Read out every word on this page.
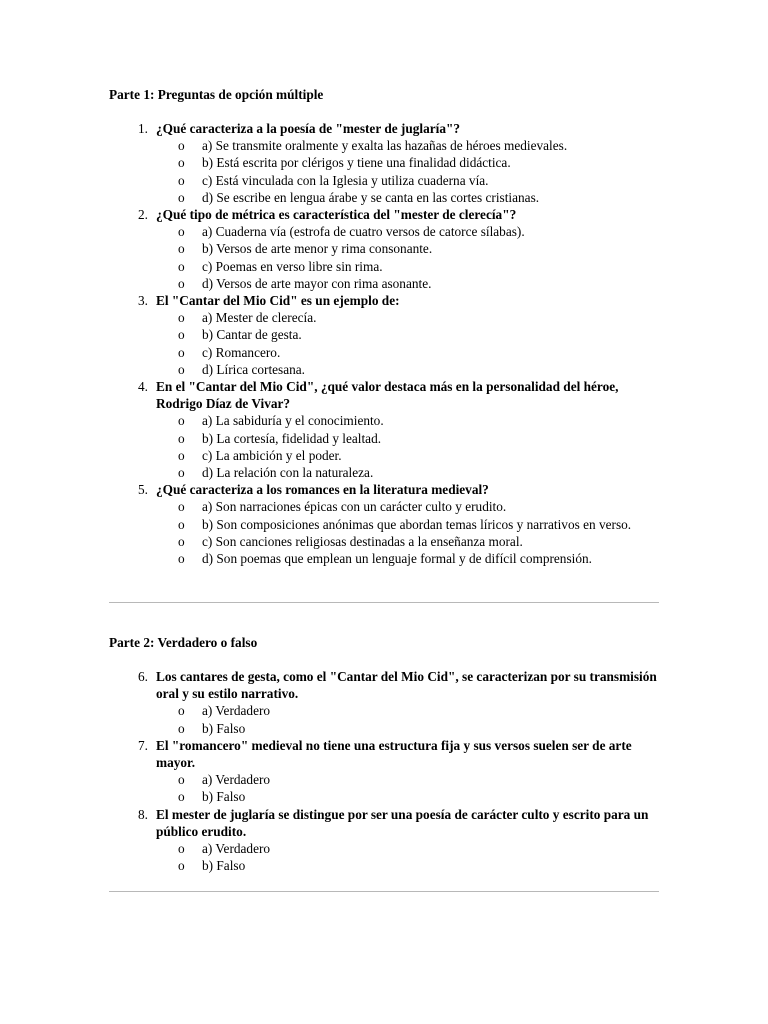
Parte 1: Preguntas de opción múltiple

1. ¿Qué caracteriza a la poesía de "mester de juglaría"?
o a) Se transmite oralmente y exalta las hazañas de héroes medievales.
o b) Está escrita por clérigos y tiene una finalidad didáctica.
o c) Está vinculada con la Iglesia y utiliza cuaderna vía.
o d) Se escribe en lengua árabe y se canta en las cortes cristianas.
2. ¿Qué tipo de métrica es característica del "mester de clerecía"?
o a) Cuaderna vía (estrofa de cuatro versos de catorce sílabas).
o b) Versos de arte menor y rima consonante.
o c) Poemas en verso libre sin rima.
o d) Versos de arte mayor con rima asonante.
3. El "Cantar del Mio Cid" es un ejemplo de:
o a) Mester de clerecía.
o b) Cantar de gesta.
o c) Romancero.
o d) Lírica cortesana.
4. En el "Cantar del Mio Cid", ¿qué valor destaca más en la personalidad del héroe, Rodrigo Díaz de Vivar?
o a) La sabiduría y el conocimiento.
o b) La cortesía, fidelidad y lealtad.
o c) La ambición y el poder.
o d) La relación con la naturaleza.
5. ¿Qué caracteriza a los romances en la literatura medieval?
o a) Son narraciones épicas con un carácter culto y erudito.
o b) Son composiciones anónimas que abordan temas líricos y narrativos en verso.
o c) Son canciones religiosas destinadas a la enseñanza moral.
o d) Son poemas que emplean un lenguaje formal y de difícil comprensión.

Parte 2: Verdadero o falso

6. Los cantares de gesta, como el "Cantar del Mio Cid", se caracterizan por su transmisión oral y su estilo narrativo.
o a) Verdadero
o b) Falso
7. El "romancero" medieval no tiene una estructura fija y sus versos suelen ser de arte mayor.
o a) Verdadero
o b) Falso
8. El mester de juglaría se distingue por ser una poesía de carácter culto y escrito para un público erudito.
o a) Verdadero
o b) Falso
